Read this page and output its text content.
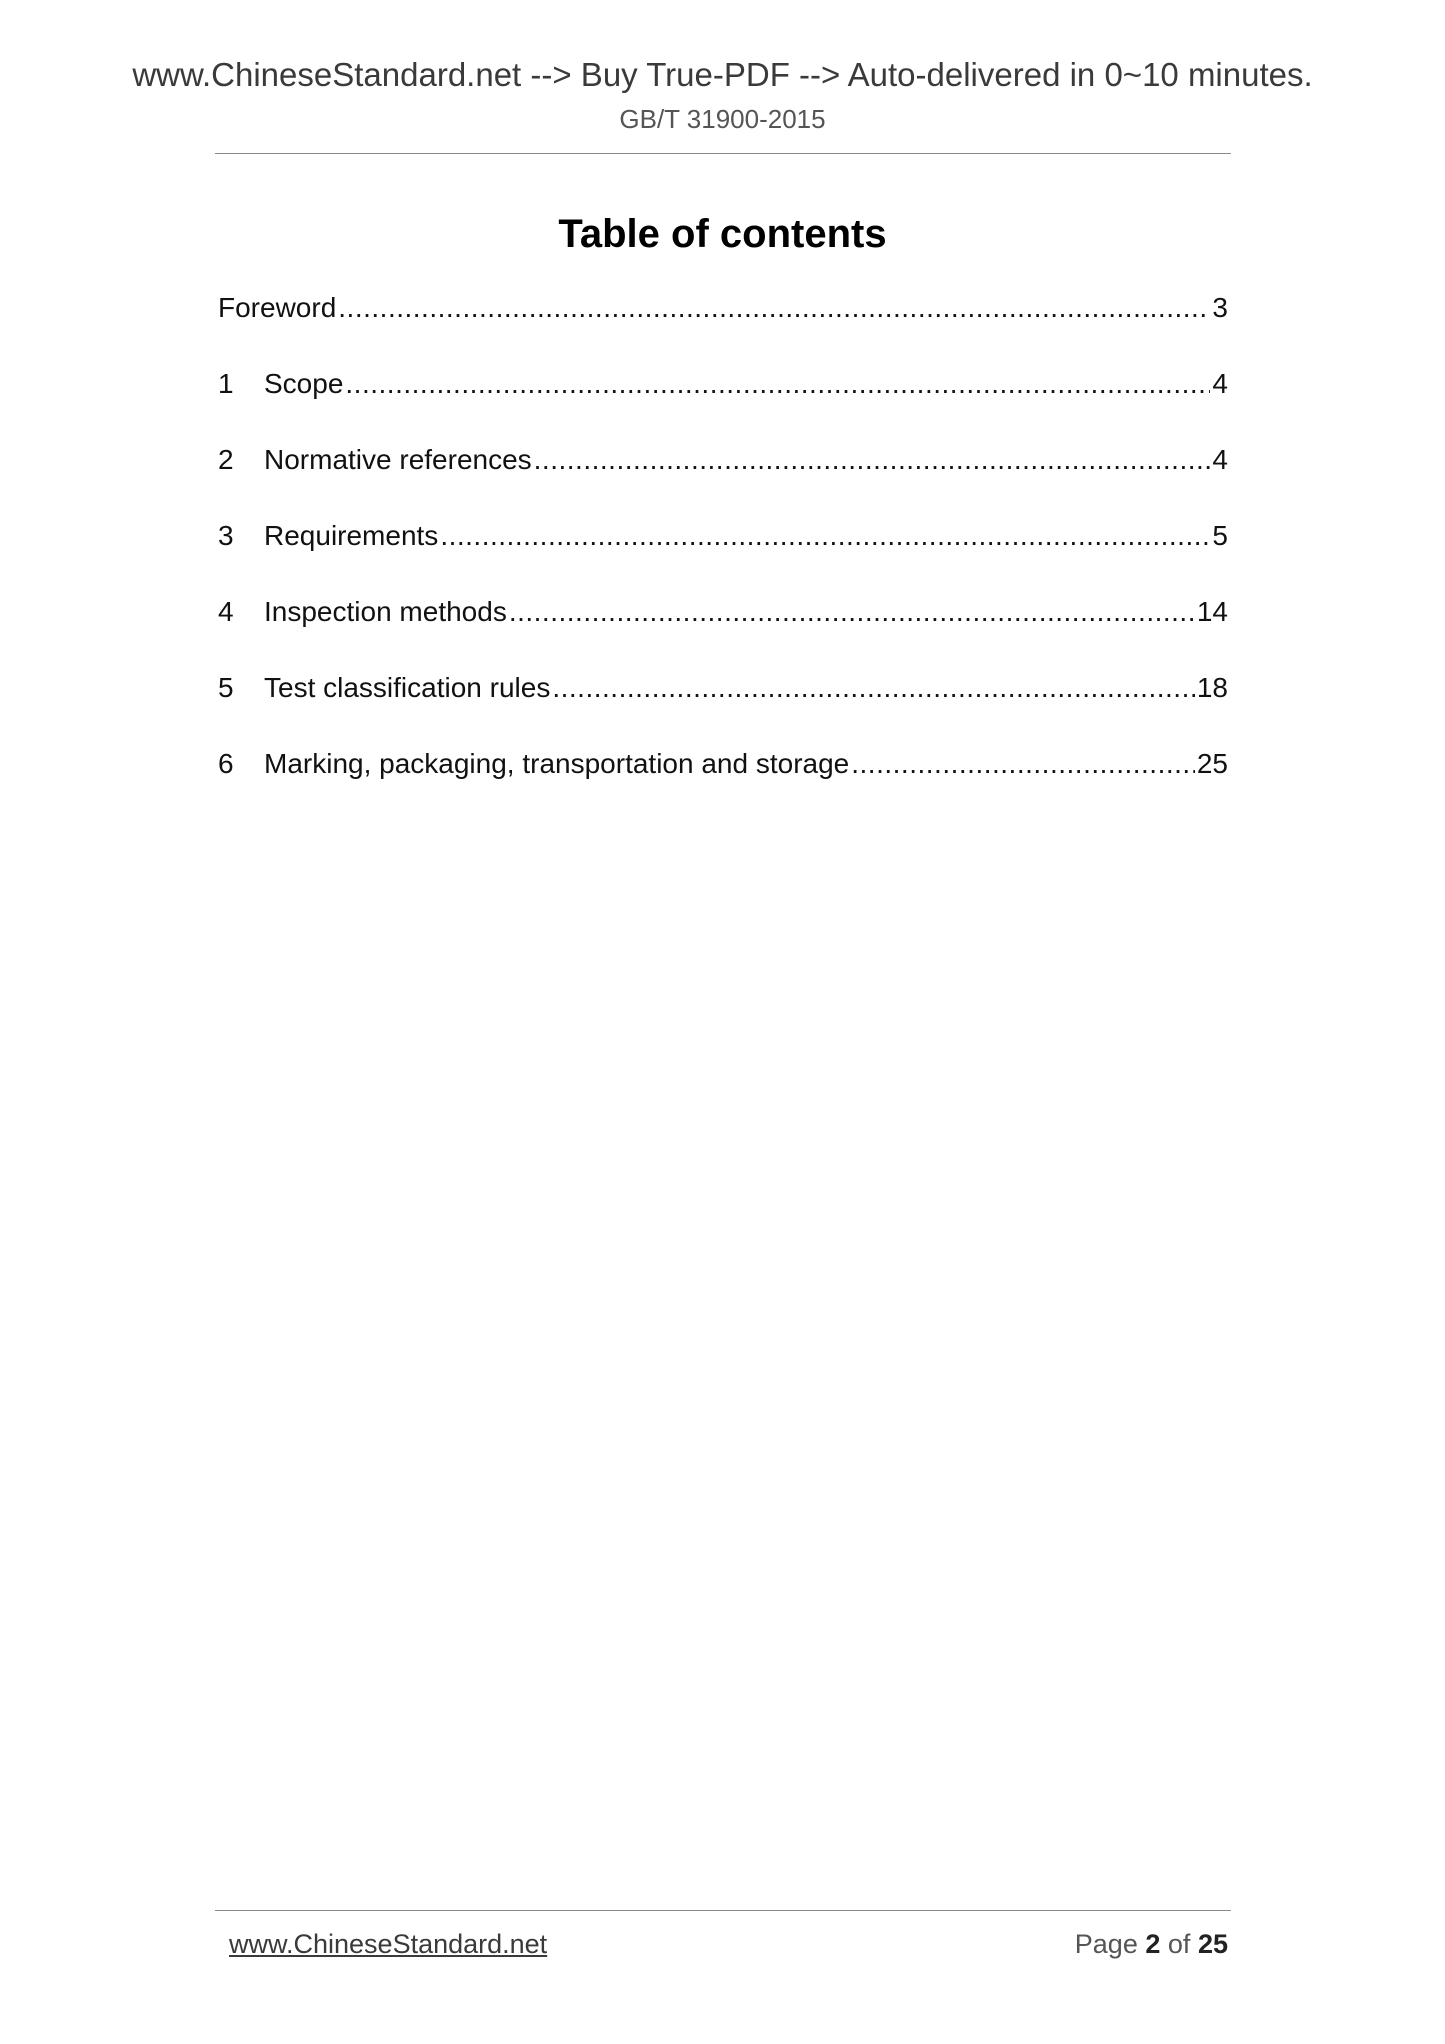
www.ChineseStandard.net --> Buy True-PDF --> Auto-delivered in 0~10 minutes.
GB/T 31900-2015
Table of contents
Foreword .....	3
1	Scope .....	4
2	Normative references .....	4
3	Requirements .....	5
4	Inspection methods .....	14
5	Test classification rules .....	18
6	Marking, packaging, transportation and storage .....	25
www.ChineseStandard.net	Page 2 of 25
